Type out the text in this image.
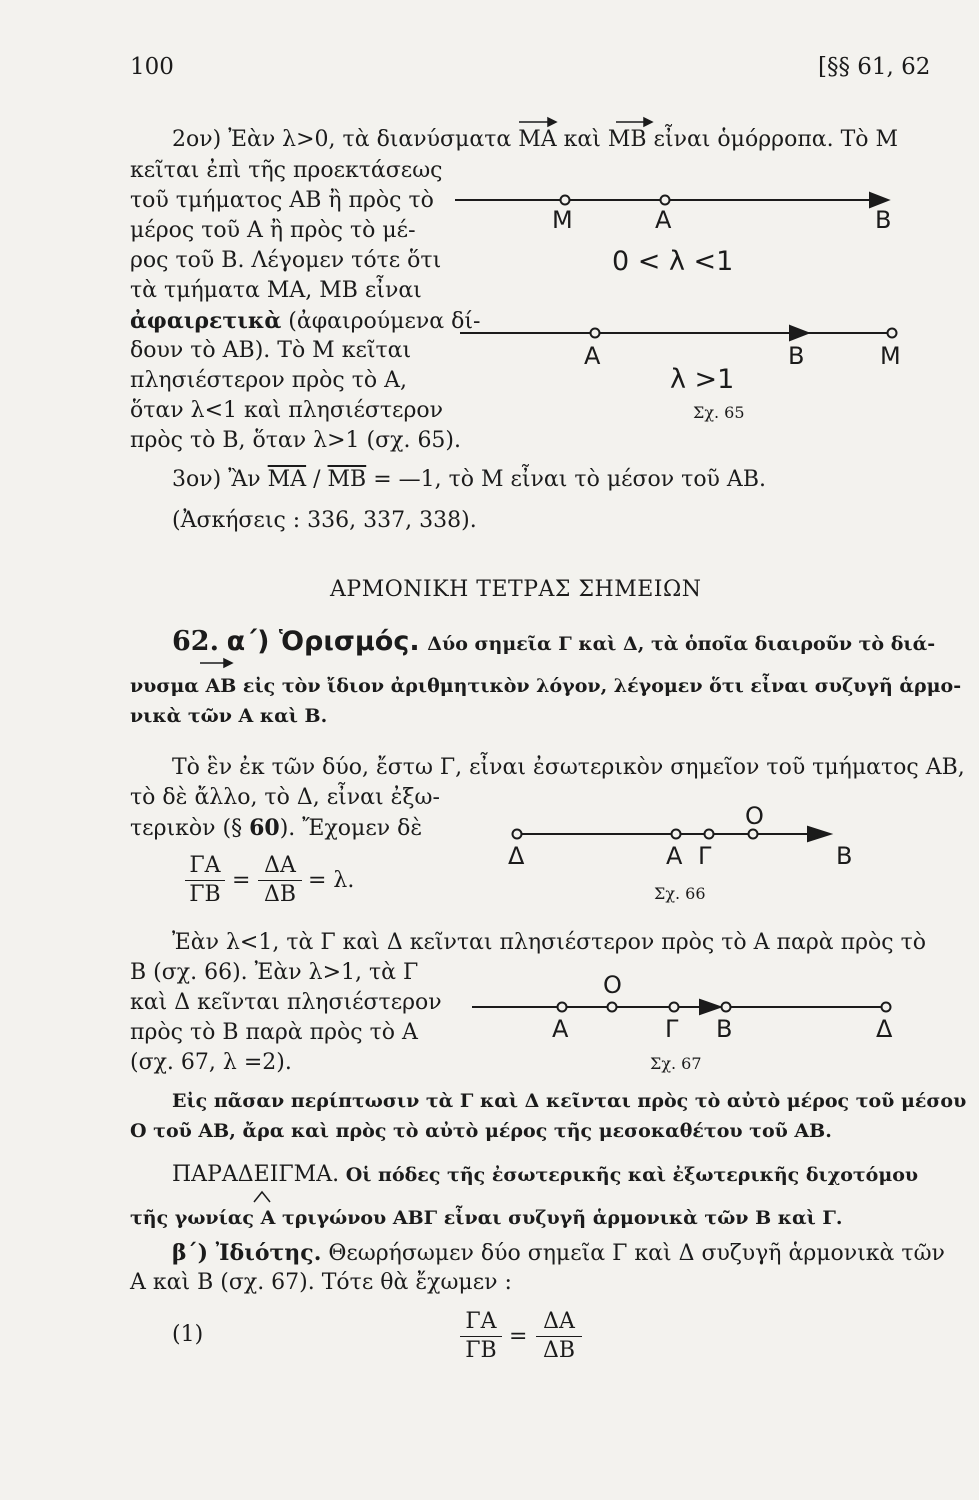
100	[§§ 61, 62
2ον) Ἐὰν λ>0, τὰ διανύσματα MA καὶ MB εἶναι ὁμόρροπα. Τὸ Μ
κεῖται ἐπὶ τῆς προεκτάσεως
τοῦ τμήματος ΑΒ ἢ πρὸς τὸ
μέρος τοῦ Α ἢ πρὸς τὸ μέ-
ρος τοῦ Β. Λέγομεν τότε ὅτι
τὰ τμήματα ΜΑ, ΜΒ εἶναι
ἀφαιρετικὰ (ἀφαιρούμενα δί-
δουν τὸ ΑΒ). Τὸ Μ κεῖται
πλησιέστερον πρὸς τὸ Α,
ὅταν λ<1 καὶ πλησιέστερον
πρὸς τὸ Β, ὅταν λ>1 (σχ. 65).
M	A	B
0 < λ <1
A	B	M
λ >1
Σχ. 65
3ον) Ἂν $\overline{MA} / \overline{MB}$ = —1, τὸ Μ εἶναι τὸ μέσον τοῦ ΑΒ.
(Ἀσκήσεις : 336, 337, 338).
ΑΡΜΟΝΙΚΗ ΤΕΤΡΑΣ ΣΗΜΕΙΩΝ
62. α΄) Ὁρισμός. Δύο σημεῖα Γ καὶ Δ, τὰ ὁποῖα διαιροῦν τὸ διά-
νυσμα ΑΒ εἰς τὸν ἴδιον ἀριθμητικὸν λόγον, λέγομεν ὅτι εἶναι συζυγῆ ἁρμο-
νικὰ τῶν Α καὶ Β.
Τὸ ἓν ἐκ τῶν δύο, ἔστω Γ, εἶναι ἐσωτερικὸν σημεῖον τοῦ τμήματος ΑΒ,
τὸ δὲ ἄλλο, τὸ Δ, εἶναι ἐξω-
τερικὸν (§ 60). Ἔχομεν δὲ
$\frac{\Gamma A}{\Gamma B} = \frac{\Delta A}{\Delta B} = \lambda$.
O
Δ	A Γ	B
Σχ. 66
Ἐὰν λ<1, τὰ Γ καὶ Δ κεῖνται πλησιέστερον πρὸς τὸ Α παρὰ πρὸς τὸ
Β (σχ. 66). Ἐὰν λ>1, τὰ Γ
καὶ Δ κεῖνται πλησιέστερον
πρὸς τὸ Β παρὰ πρὸς τὸ Α
(σχ. 67, λ =2).
O
A	Γ B	Δ
Σχ. 67
Εἰς πᾶσαν περίπτωσιν τὰ Γ καὶ Δ κεῖνται πρὸς τὸ αὐτὸ μέρος τοῦ μέσου
Ο τοῦ ΑΒ, ἄρα καὶ πρὸς τὸ αὐτὸ μέρος τῆς μεσοκαθέτου τοῦ ΑΒ.
ΠΑΡΑΔΕΙΓΜΑ. Οἱ πόδες τῆς ἐσωτερικῆς καὶ ἐξωτερικῆς διχοτόμου
τῆς γωνίας Α τριγώνου ΑΒΓ εἶναι συζυγῆ ἁρμονικὰ τῶν Β καὶ Γ.
β΄) Ἰδιότης. Θεωρήσωμεν δύο σημεῖα Γ καὶ Δ συζυγῆ ἁρμονικὰ τῶν
Α καὶ Β (σχ. 67). Τότε θὰ ἔχωμεν :
(1)	$\frac{\Gamma A}{\Gamma B} = \frac{\Delta A}{\Delta B}$
